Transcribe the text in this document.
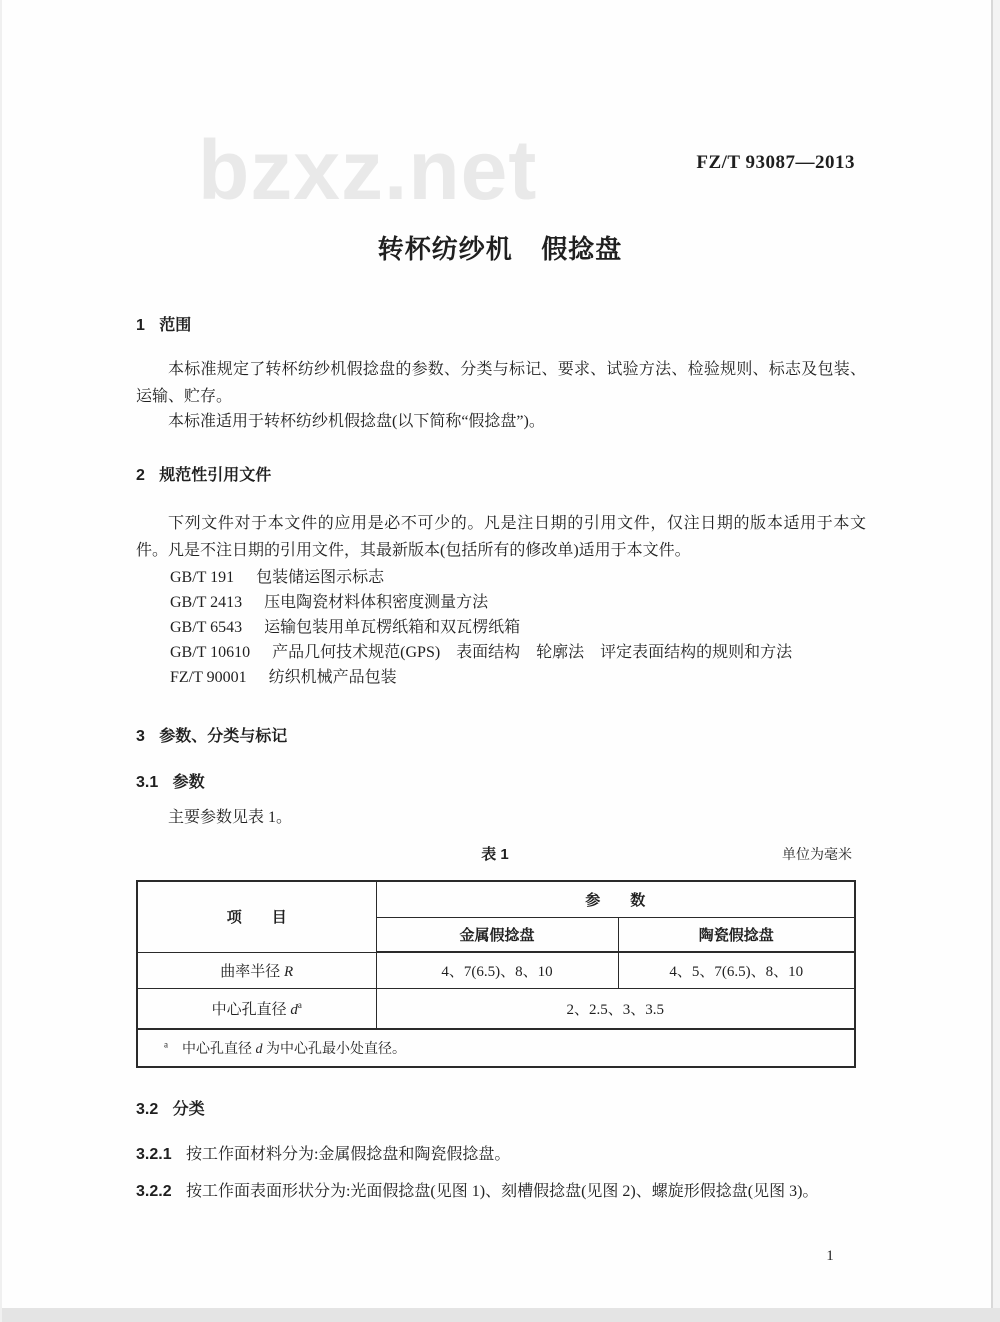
bzxz.net	FZ/T 93087—2013
转杯纺纱机 假捻盘
1 范围
本标准规定了转杯纺纱机假捻盘的参数、分类与标记、要求、试验方法、检验规则、标志及包装、运输、贮存。
本标准适用于转杯纺纱机假捻盘(以下简称“假捻盘”)。
2 规范性引用文件
下列文件对于本文件的应用是必不可少的。凡是注日期的引用文件，仅注日期的版本适用于本文件。凡是不注日期的引用文件，其最新版本(包括所有的修改单)适用于本文件。
GB/T 191 包装储运图示标志
GB/T 2413 压电陶瓷材料体积密度测量方法
GB/T 6543 运输包装用单瓦楞纸箱和双瓦楞纸箱
GB/T 10610 产品几何技术规范(GPS)　表面结构　轮廓法　评定表面结构的规则和方法
FZ/T 90001 纺织机械产品包装
3 参数、分类与标记
3.1 参数
主要参数见表 1。
表 1	单位为毫米
项　　目	参　　数	
	金属假捻盘	陶瓷假捻盘
曲率半径 R	4、7(6.5)、8、10	4、5、7(6.5)、8、10
中心孔直径 $d^a$	2、2.5、3、3.5	
$^a$　中心孔直径 d 为中心孔最小处直径。		
3.2 分类
3.2.1 按工作面材料分为:金属假捻盘和陶瓷假捻盘。
3.2.2 按工作面表面形状分为:光面假捻盘(见图 1)、刻槽假捻盘(见图 2)、螺旋形假捻盘(见图 3)。
1
